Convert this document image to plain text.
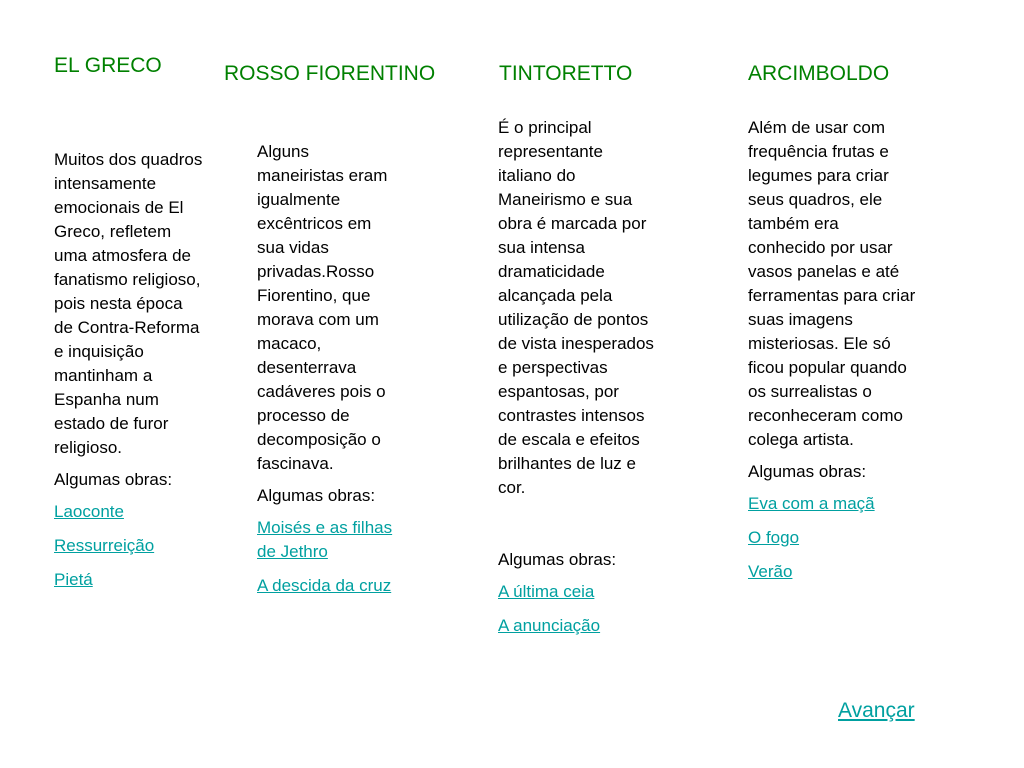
EL GRECO

Muitos dos quadros intensamente emocionais de El Greco, refletem uma atmosfera de fanatismo religioso, pois nesta época de Contra-Reforma e inquisição mantinham a Espanha num estado de furor religioso.

Algumas obras:

Laoconte
Ressurreição
Pietá
ROSSO FIORENTINO

Alguns maneiristas eram igualmente excêntricos em sua vidas privadas.Rosso Fiorentino, que morava com um macaco, desenterrava cadáveres pois o processo de decomposição o fascinava.

Algumas obras:

Moisés e as filhas de Jethro
A descida da cruz
TINTORETTO

É o principal representante italiano do Maneirismo e sua obra é marcada por sua intensa dramaticidade alcançada pela utilização de pontos de vista inesperados e perspectivas espantosas, por contrastes intensos de escala e efeitos brilhantes de luz e cor.

Algumas obras:

A última ceia
A anunciação
ARCIMBOLDO

Além de usar com frequência frutas e legumes para criar seus quadros, ele também era conhecido por usar vasos panelas e até ferramentas para criar suas imagens misteriosas. Ele só ficou popular quando os surrealistas o reconheceram como colega artista.

Algumas obras:

Eva com a maçã
O fogo
Verão
Avançar
